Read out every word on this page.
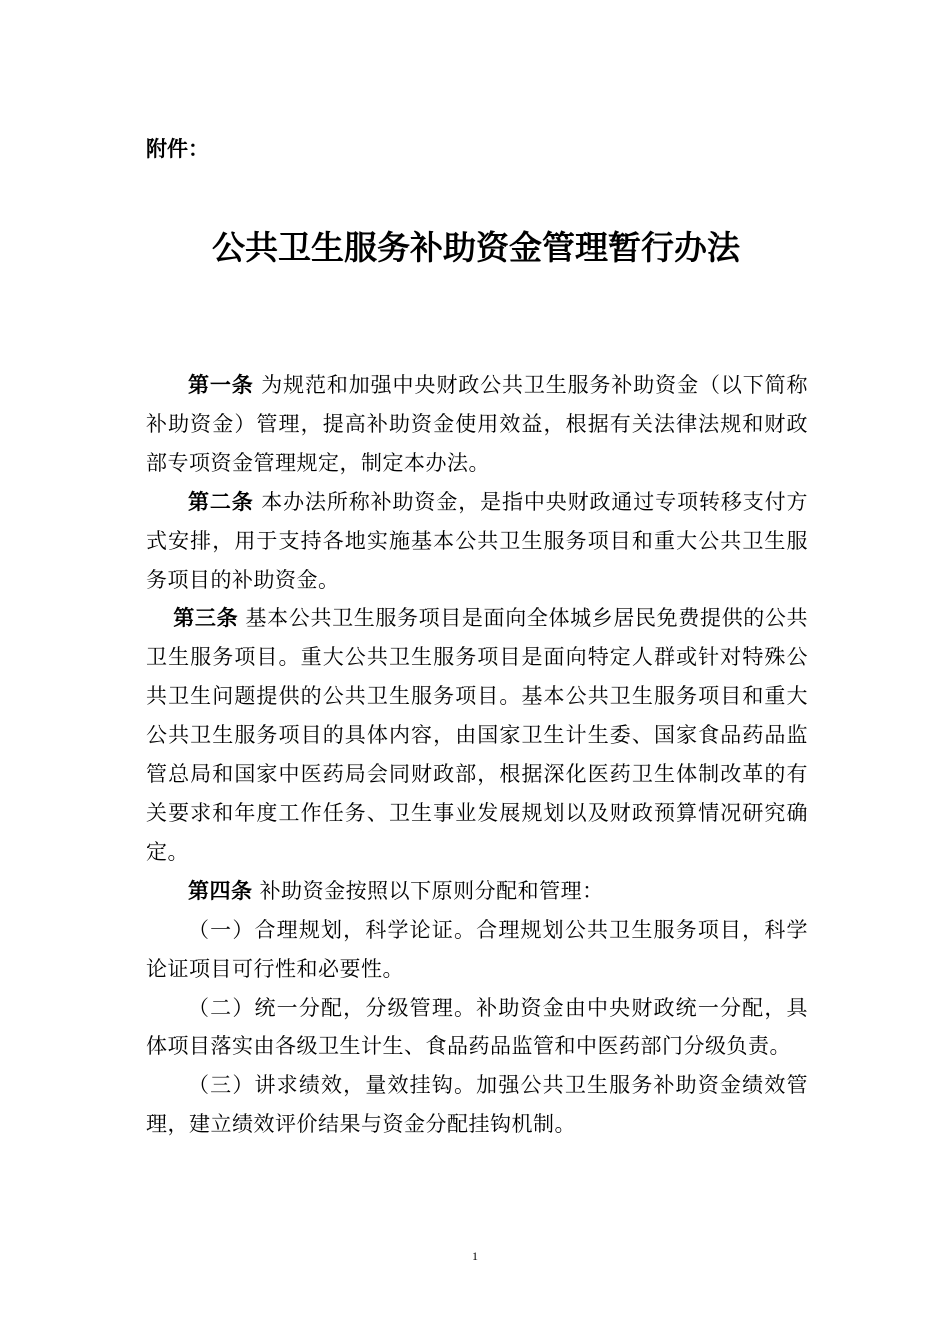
附件：

公共卫生服务补助资金管理暂行办法

第一条 为规范和加强中央财政公共卫生服务补助资金（以下简称补助资金）管理，提高补助资金使用效益，根据有关法律法规和财政部专项资金管理规定，制定本办法。

第二条 本办法所称补助资金，是指中央财政通过专项转移支付方式安排，用于支持各地实施基本公共卫生服务项目和重大公共卫生服务项目的补助资金。

第三条 基本公共卫生服务项目是面向全体城乡居民免费提供的公共卫生服务项目。重大公共卫生服务项目是面向特定人群或针对特殊公共卫生问题提供的公共卫生服务项目。基本公共卫生服务项目和重大公共卫生服务项目的具体内容，由国家卫生计生委、国家食品药品监管总局和国家中医药局会同财政部，根据深化医药卫生体制改革的有关要求和年度工作任务、卫生事业发展规划以及财政预算情况研究确定。

第四条 补助资金按照以下原则分配和管理：

（一）合理规划，科学论证。合理规划公共卫生服务项目，科学论证项目可行性和必要性。

（二）统一分配，分级管理。补助资金由中央财政统一分配，具体项目落实由各级卫生计生、食品药品监管和中医药部门分级负责。

（三）讲求绩效，量效挂钩。加强公共卫生服务补助资金绩效管理，建立绩效评价结果与资金分配挂钩机制。

1
